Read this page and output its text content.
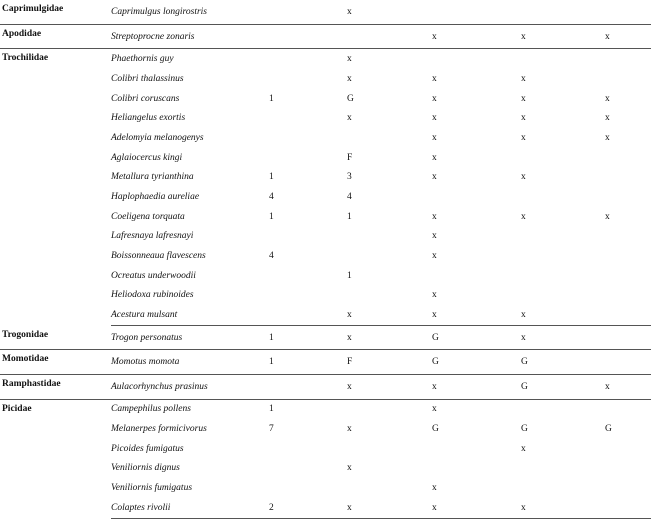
Caprimulgidae	Caprimulgus longirostris		x				
Apodidae	Streptoprocne zonaris			x	x	x	
Trochilidae	Phaethornis guy		x				
	Colibri thalassinus		x	x	x		
	Colibri coruscans	1	G	x	x	x	
	Heliangelus exortis		x	x	x	x	
	Adelomyia melanogenys			x	x	x	
	Aglaiocercus kingi		F	x			
	Metallura tyrianthina	1	3	x	x		
	Haplophaedia aureliae	4	4				
	Coeligena torquata	1	1	x	x	x	
	Lafresnaya lafresnayi			x			
	Boissonneaua flavescens	4		x			
	Ocreatus underwoodii		1				
	Heliodoxa rubinoides			x			
	Acestura mulsant		x	x	x		
Trogonidae	Trogon personatus	1	x	G	x		
Momotidae	Momotus momota	1	F	G	G		
Ramphastidae	Aulacorhynchus prasinus		x	x	G	x	
Picidae	Campephilus pollens	1		x			
	Melanerpes formicivorus	7	x	G	G	G	
	Picoides fumigatus				x		
	Veniliornis dignus		x				
	Veniliornis fumigatus			x			
	Colaptes rivolii	2	x	x	x		
